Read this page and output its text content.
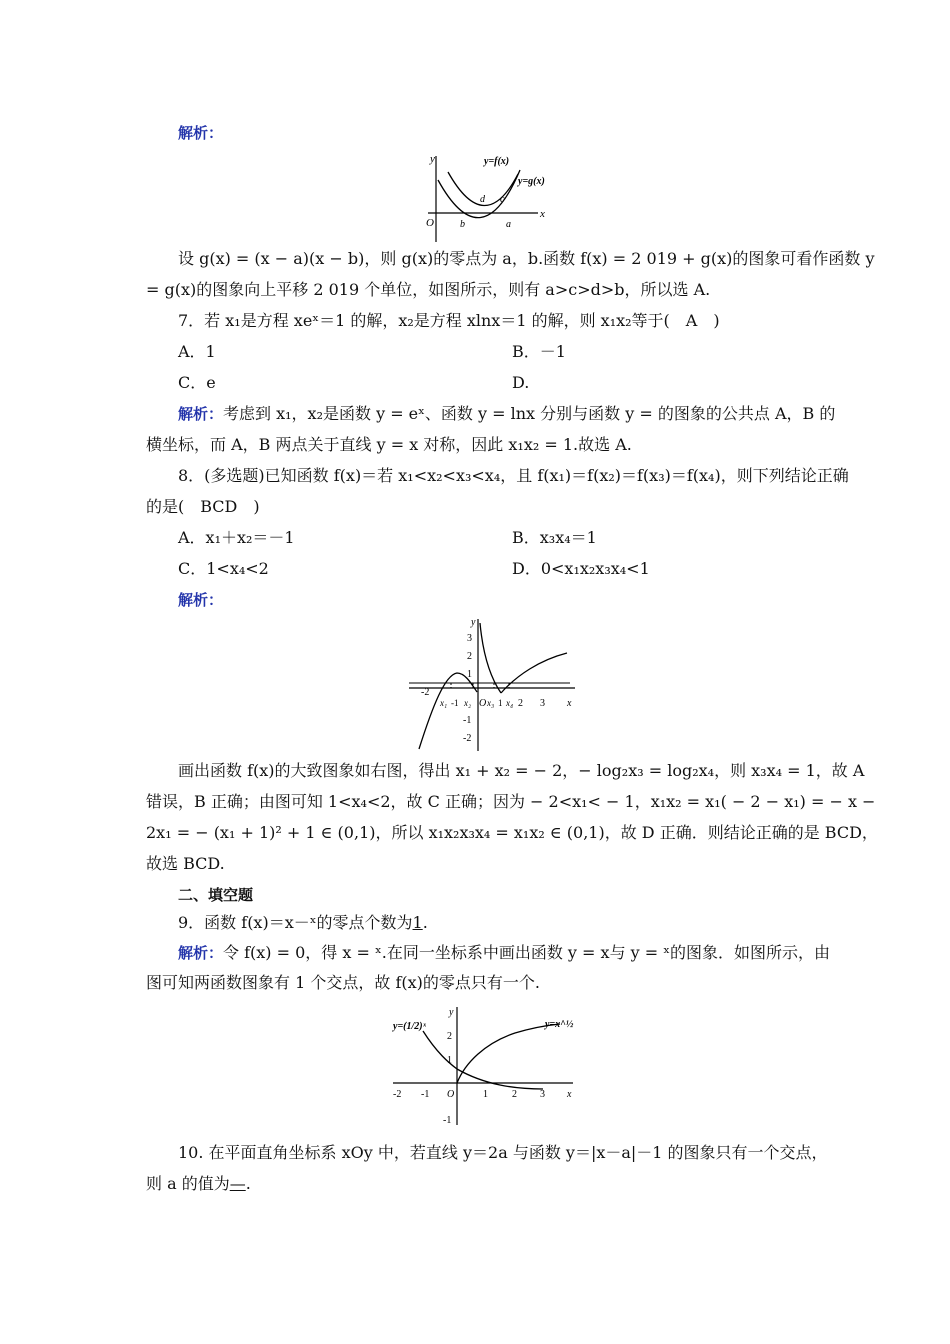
解析：
y
x
O
y=f(x)
y=g(x)
b
d c
a
设 g(x) = (x − a)(x − b)，则 g(x)的零点为 a，b.函数 f(x) = 2 019 + g(x)的图象可看作函数 y
= g(x)的图象向上平移 2 019 个单位，如图所示，则有 a>c>d>b，所以选 A.
7．若 x₁是方程 xeˣ＝1 的解，x₂是方程 xlnx＝1 的解，则 x₁x₂等于(　A　)
A．1	B．－1
C．e	D.
解析：考虑到 x₁，x₂是函数 y = eˣ、函数 y = lnx 分别与函数 y = 的图象的公共点 A，B 的
横坐标，而 A，B 两点关于直线 y = x 对称，因此 x₁x₂ = 1.故选 A.
8．(多选题)已知函数 f(x)＝若 x₁<x₂<x₃<x₄，且 f(x₁)＝f(x₂)＝f(x₃)＝f(x₄)，则下列结论正确
的是(　BCD　)
A．x₁＋x₂＝－1	B．x₃x₄＝1
C．1<x₄<2	D．0<x₁x₂x₃x₄<1
解析：
y
x
O
3
2
1
-1
-2
-2
x₁ -1 x₂ x₃ 1 x₄ 2 3
画出函数 f(x)的大致图象如右图，得出 x₁ + x₂ = − 2，− log₂x₃ = log₂x₄，则 x₃x₄ = 1，故 A
错误，B 正确；由图可知 1<x₄<2，故 C 正确；因为 − 2<x₁< − 1，x₁x₂ = x₁( − 2 − x₁) = − x −
2x₁ = − (x₁ + 1)² + 1 ∈ (0,1)，所以 x₁x₂x₃x₄ = x₁x₂ ∈ (0,1)，故 D 正确．则结论正确的是 BCD，
故选 BCD.
二、填空题
9．函数 f(x)＝x－ˣ的零点个数为1.
解析：令 f(x) = 0，得 x = ˣ.在同一坐标系中画出函数 y = x与 y = ˣ的图象．如图所示，由
图可知两函数图象有 1 个交点，故 f(x)的零点只有一个.
y
x
O
y=(1/2)ˣ	y=x^½
2
1
-1
-2 -1	1 2 3
10. 在平面直角坐标系 xOy 中，若直线 y＝2a 与函数 y＝|x－a|－1 的图象只有一个交点，
则 a 的值为—.
